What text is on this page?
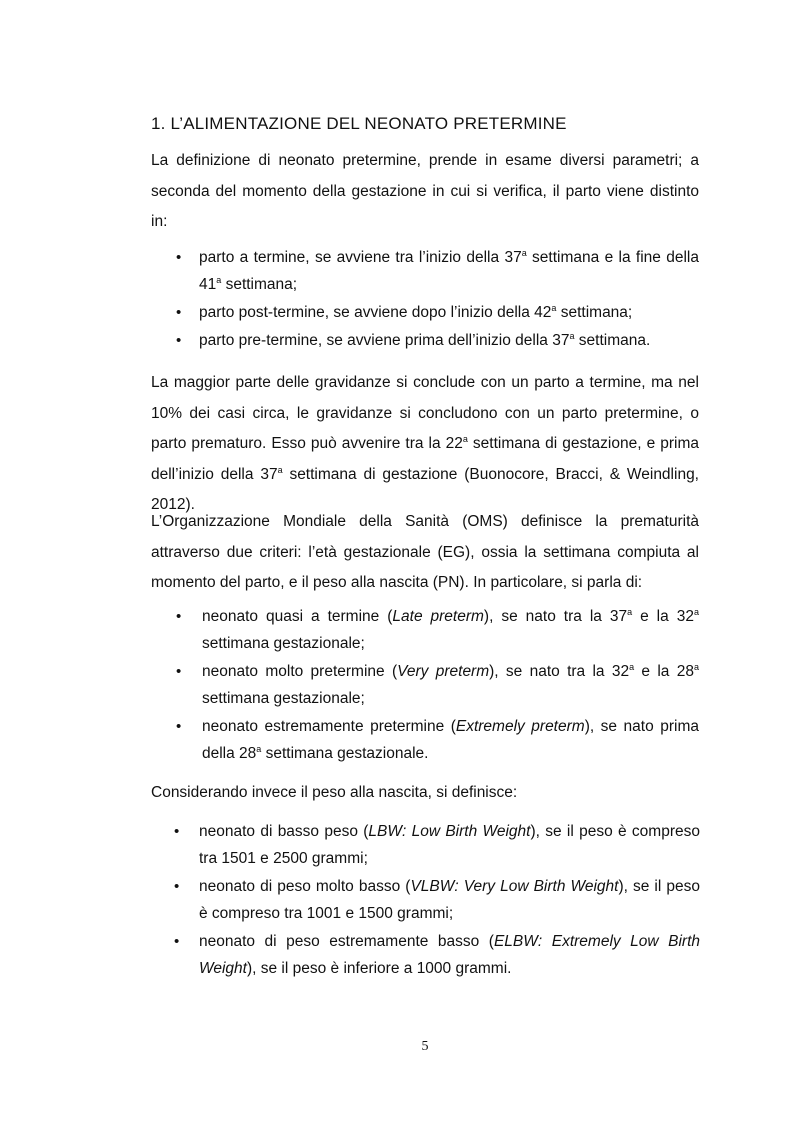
1. L’ALIMENTAZIONE DEL NEONATO PRETERMINE

La definizione di neonato pretermine, prende in esame diversi parametri; a seconda del momento della gestazione in cui si verifica, il parto viene distinto in:

• parto a termine, se avviene tra l’inizio della 37$^a$ settimana e la fine della 41$^a$ settimana;
• parto post-termine, se avviene dopo l’inizio della 42$^a$ settimana;
• parto pre-termine, se avviene prima dell’inizio della 37$^a$ settimana.

La maggior parte delle gravidanze si conclude con un parto a termine, ma nel 10% dei casi circa, le gravidanze si concludono con un parto pretermine, o parto prematuro. Esso può avvenire tra la 22$^a$ settimana di gestazione, e prima dell’inizio della 37$^a$ settimana di gestazione (Buonocore, Bracci, & Weindling, 2012).

L’Organizzazione Mondiale della Sanità (OMS) definisce la prematurità attraverso due criteri: l’età gestazionale (EG), ossia la settimana compiuta al momento del parto, e il peso alla nascita (PN). In particolare, si parla di:

• neonato quasi a termine (Late preterm), se nato tra la 37$^a$ e la 32$^a$ settimana gestazionale;
• neonato molto pretermine (Very preterm), se nato tra la 32$^a$ e la 28$^a$ settimana gestazionale;
• neonato estremamente pretermine (Extremely preterm), se nato prima della 28$^a$ settimana gestazionale.

Considerando invece il peso alla nascita, si definisce:

• neonato di basso peso (LBW: Low Birth Weight), se il peso è compreso tra 1501 e 2500 grammi;
• neonato di peso molto basso (VLBW: Very Low Birth Weight), se il peso è compreso tra 1001 e 1500 grammi;
• neonato di peso estremamente basso (ELBW: Extremely Low Birth Weight), se il peso è inferiore a 1000 grammi.
5
